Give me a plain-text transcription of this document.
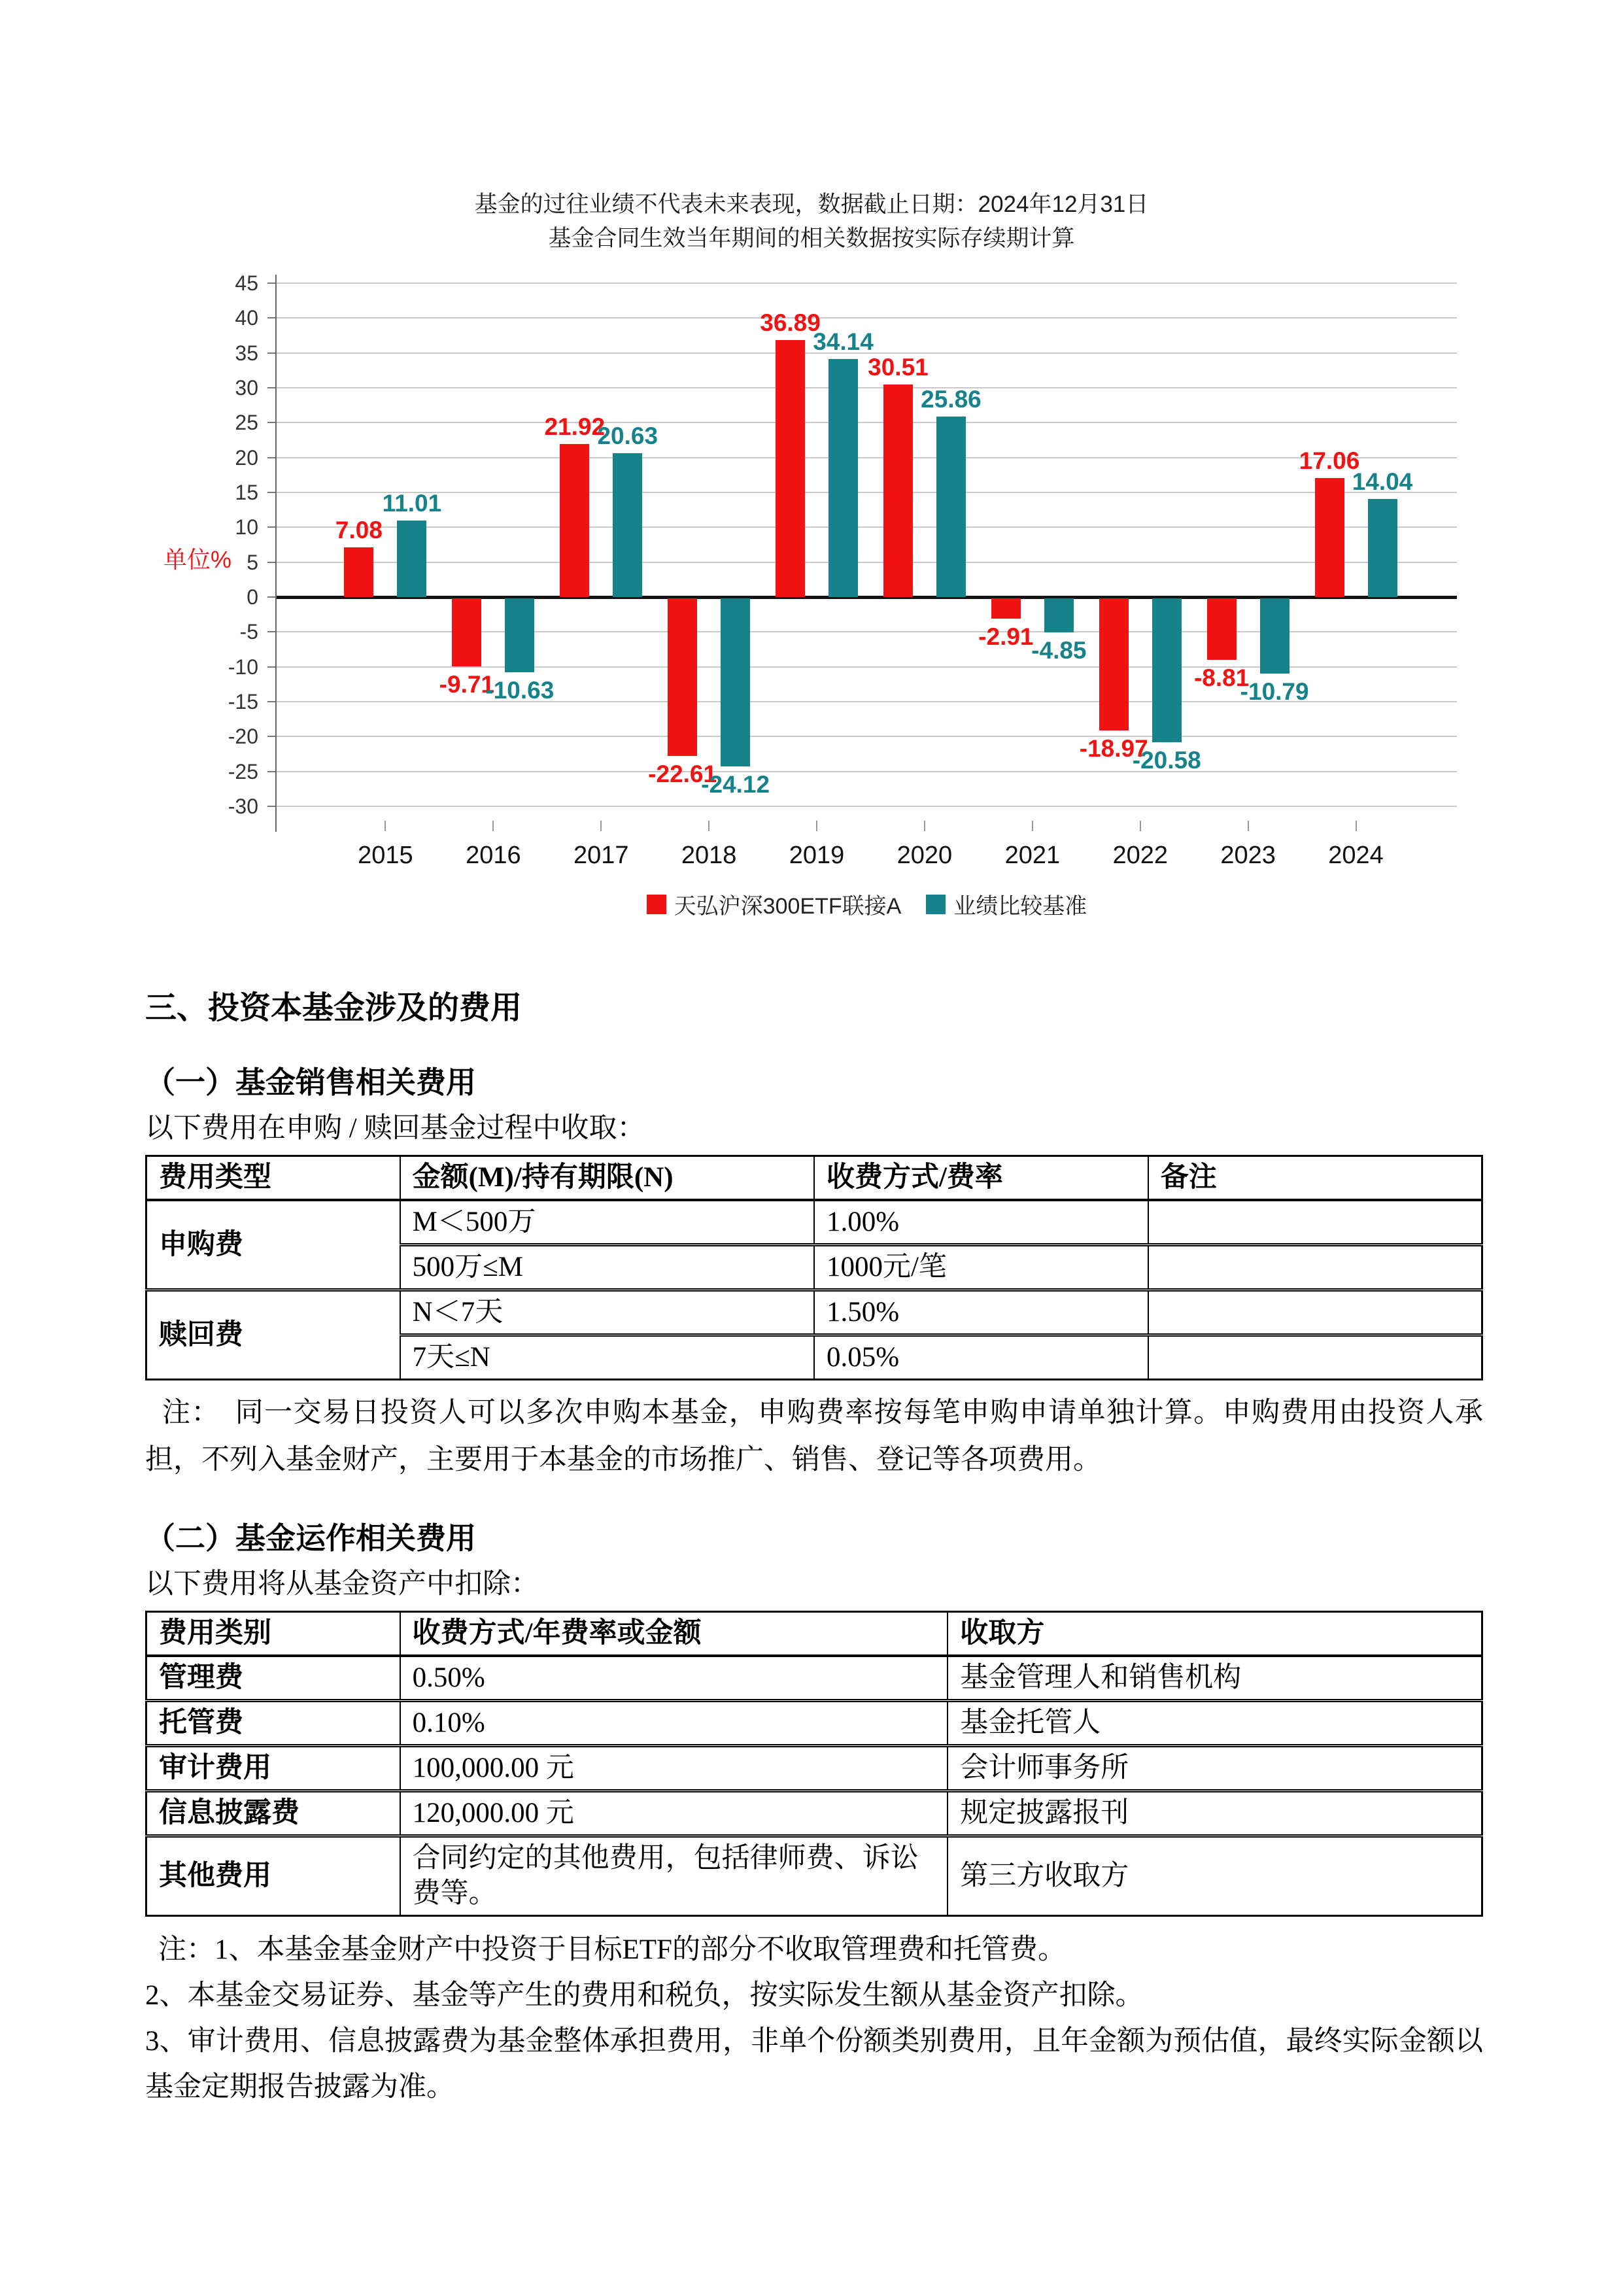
基金的过往业绩不代表未来表现，数据截止日期：2024年12月31日
基金合同生效当年期间的相关数据按实际存续期计算
45
40
35
30
25
20
15
10
5
0
-5
-10
-15
-20
-25
-30
单位%
7.08
11.01
2015
-9.71
-10.63
2016
21.92
20.63
2017
-22.61
-24.12
2018
36.89
34.14
2019
30.51
25.86
2020
-2.91
-4.85
2021
-18.97
-20.58
2022
-8.81
-10.79
2023
17.06
14.04
2024
天弘沪深300ETF联接A 业绩比较基准
三、投资本基金涉及的费用
（一）基金销售相关费用

以下费用在申购 / 赎回基金过程中收取：

费用类型	金额(M)/持有期限(N)	收费方式/费率	备注
申购费	M＜500万	1.00%	
	500万≤M	1000元/笔	
赎回费	N＜7天	1.50%	
	7天≤N	0.05%	

注：　同一交易日投资人可以多次申购本基金，申购费率按每笔申购申请单独计算。申购费用由投资人承担，不列入基金财产，主要用于本基金的市场推广、销售、登记等各项费用。

（二）基金运作相关费用

以下费用将从基金资产中扣除：

费用类别	收费方式/年费率或金额	收取方
管理费	0.50%	基金管理人和销售机构
托管费	0.10%	基金托管人
审计费用	100,000.00 元	会计师事务所
信息披露费	120,000.00 元	规定披露报刊
其他费用	合同约定的其他费用，包括律师费、诉讼费等。	第三方收取方

注：1、本基金基金财产中投资于目标ETF的部分不收取管理费和托管费。

2、本基金交易证券、基金等产生的费用和税负，按实际发生额从基金资产扣除。

3、审计费用、信息披露费为基金整体承担费用，非单个份额类别费用，且年金额为预估值，最终实际金额以基金定期报告披露为准。
